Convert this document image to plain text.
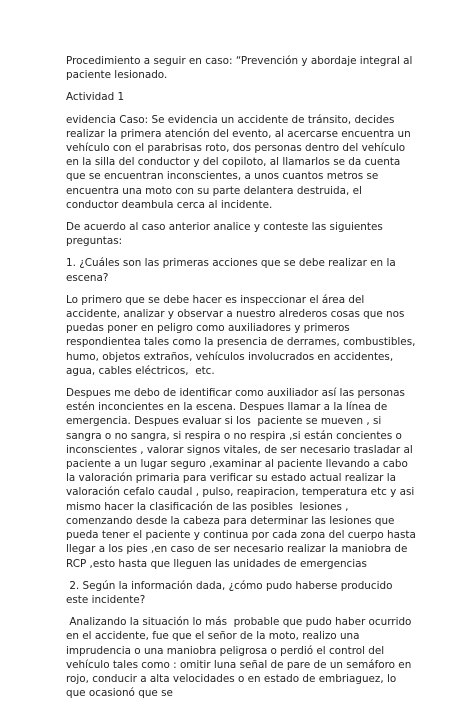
Procedimiento a seguir en caso: “Prevención y abordaje integral al paciente lesionado.

Actividad 1

evidencia Caso: Se evidencia un accidente de tránsito, decides realizar la primera atención del evento, al acercarse encuentra un vehículo con el parabrisas roto, dos personas dentro del vehículo en la silla del conductor y del copiloto, al llamarlos se da cuenta que se encuentran inconscientes, a unos cuantos metros se encuentra una moto con su parte delantera destruida, el conductor deambula cerca al incidente.

De acuerdo al caso anterior analice y conteste las siguientes preguntas:

1. ¿Cuáles son las primeras acciones que se debe realizar en la escena?

Lo primero que se debe hacer es inspeccionar el área del accidente, analizar y observar a nuestro alrederos cosas que nos puedas poner en peligro como auxiliadores y primeros respondientea tales como la presencia de derrames, combustibles, humo, objetos extraños, vehículos involucrados en accidentes, agua, cables eléctricos,  etc.

Despues me debo de identificar como auxiliador así las personas estén inconcientes en la escena. Despues llamar a la línea de emergencia. Despues evaluar si los  paciente se mueven , si sangra o no sangra, si respira o no respira ,si están concientes o inconscientes , valorar signos vitales, de ser necesario trasladar al paciente a un lugar seguro ,examinar al paciente llevando a cabo la valoración primaria para verificar su estado actual realizar la valoración cefalo caudal , pulso, reapiracion, temperatura etc y asi mismo hacer la clasificación de las posibles  lesiones , comenzando desde la cabeza para determinar las lesiones que pueda tener el paciente y continua por cada zona del cuerpo hasta llegar a los pies ,en caso de ser necesario realizar la maniobra de RCP ,esto hasta que lleguen las unidades de emergencias

2. Según la información dada, ¿cómo pudo haberse producido este incidente?

Analizando la situación lo más  probable que pudo haber ocurrido en el accidente, fue que el señor de la moto, realizo una imprudencia o una maniobra peligrosa o perdió el control del vehículo tales como : omitir luna señal de pare de un semáforo en rojo, conducir a alta velocidades o en estado de embriaguez, lo que ocasionó que se
